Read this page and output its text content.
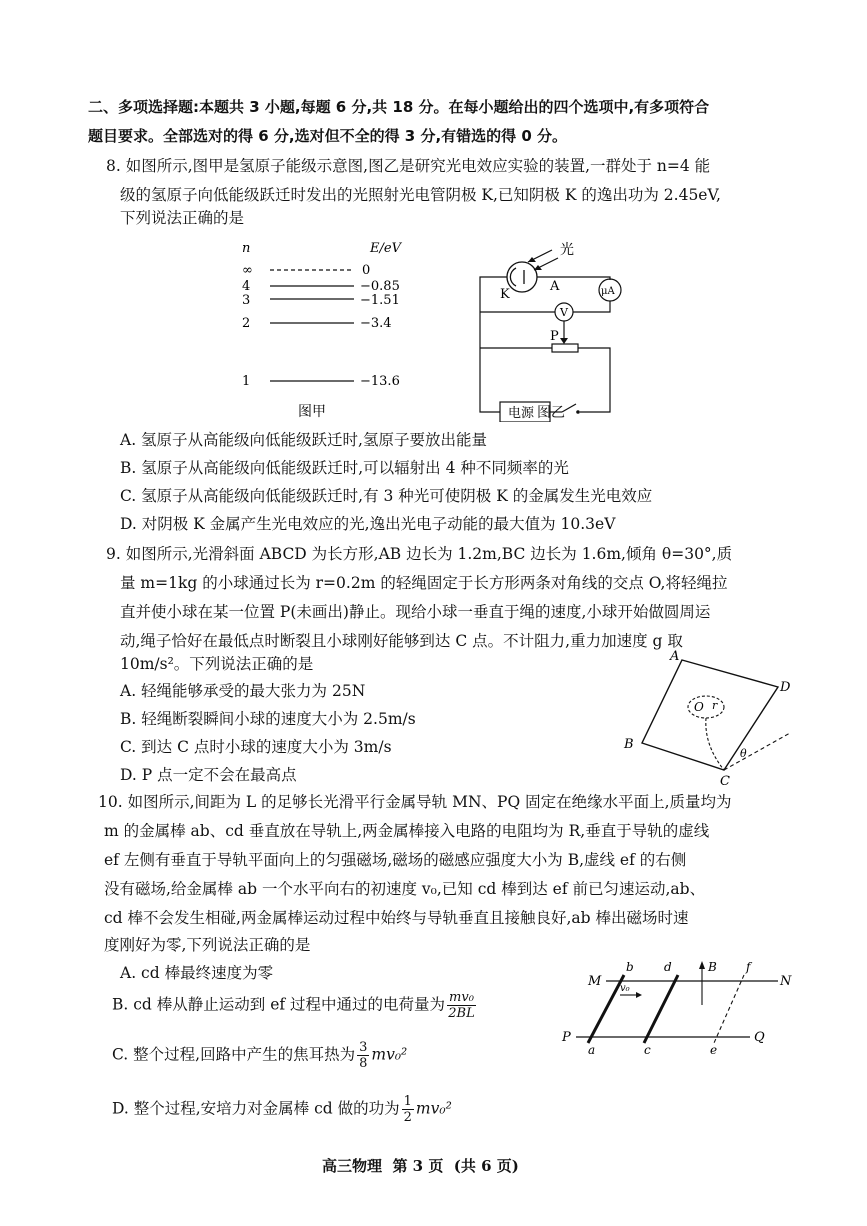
二、多项选择题:本题共 3 小题,每题 6 分,共 18 分。在每小题给出的四个选项中,有多项符合
题目要求。全部选对的得 6 分,选对但不全的得 3 分,有错选的得 0 分。
8. 如图所示,图甲是氢原子能级示意图,图乙是研究光电效应实验的装置,一群处于 n=4 能
级的氢原子向低能级跃迁时发出的光照射光电管阴极 K,已知阴极 K 的逸出功为 2.45eV,
下列说法正确的是
n	E/eV
∞	0
4	−0.85
3	−1.51
2	−3.4
1	−13.6
图甲
光
K
A	μA
V
P
电源 图乙
A. 氢原子从高能级向低能级跃迁时,氢原子要放出能量
B. 氢原子从高能级向低能级跃迁时,可以辐射出 4 种不同频率的光
C. 氢原子从高能级向低能级跃迁时,有 3 种光可使阴极 K 的金属发生光电效应
D. 对阴极 K 金属产生光电效应的光,逸出光电子动能的最大值为 10.3eV
9. 如图所示,光滑斜面 ABCD 为长方形,AB 边长为 1.2m,BC 边长为 1.6m,倾角 θ=30°,质
量 m=1kg 的小球通过长为 r=0.2m 的轻绳固定于长方形两条对角线的交点 O,将轻绳拉
直并使小球在某一位置 P(未画出)静止。现给小球一垂直于绳的速度,小球开始做圆周运
动,绳子恰好在最低点时断裂且小球刚好能够到达 C 点。不计阻力,重力加速度 g 取
10m/s²。下列说法正确的是
A. 轻绳能够承受的最大张力为 25N
B. 轻绳断裂瞬间小球的速度大小为 2.5m/s
C. 到达 C 点时小球的速度大小为 3m/s
D. P 点一定不会在最高点
A
D
B
C
O r
θ
10. 如图所示,间距为 L 的足够长光滑平行金属导轨 MN、PQ 固定在绝缘水平面上,质量均为
m 的金属棒 ab、cd 垂直放在导轨上,两金属棒接入电路的电阻均为 R,垂直于导轨的虚线
ef 左侧有垂直于导轨平面向上的匀强磁场,磁场的磁感应强度大小为 B,虚线 ef 的右侧
没有磁场,给金属棒 ab 一个水平向右的初速度 v₀,已知 cd 棒到达 ef 前已匀速运动,ab、
cd 棒不会发生相碰,两金属棒运动过程中始终与导轨垂直且接触良好,ab 棒出磁场时速
度刚好为零,下列说法正确的是
A. cd 棒最终速度为零
B. cd 棒从静止运动到 ef 过程中通过的电荷量为 $\frac{\text{mv₀}}{2BL}$
C. 整个过程,回路中产生的焦耳热为 $\frac{3}{8} mv_0^2$
D. 整个过程,安培力对金属棒 cd 做的功为 $\frac{1}{2} mv_0^2$
M	N
P	Q
b
a
d
c
v₀
B f
e
高三物理  第 3 页  (共 6 页)
